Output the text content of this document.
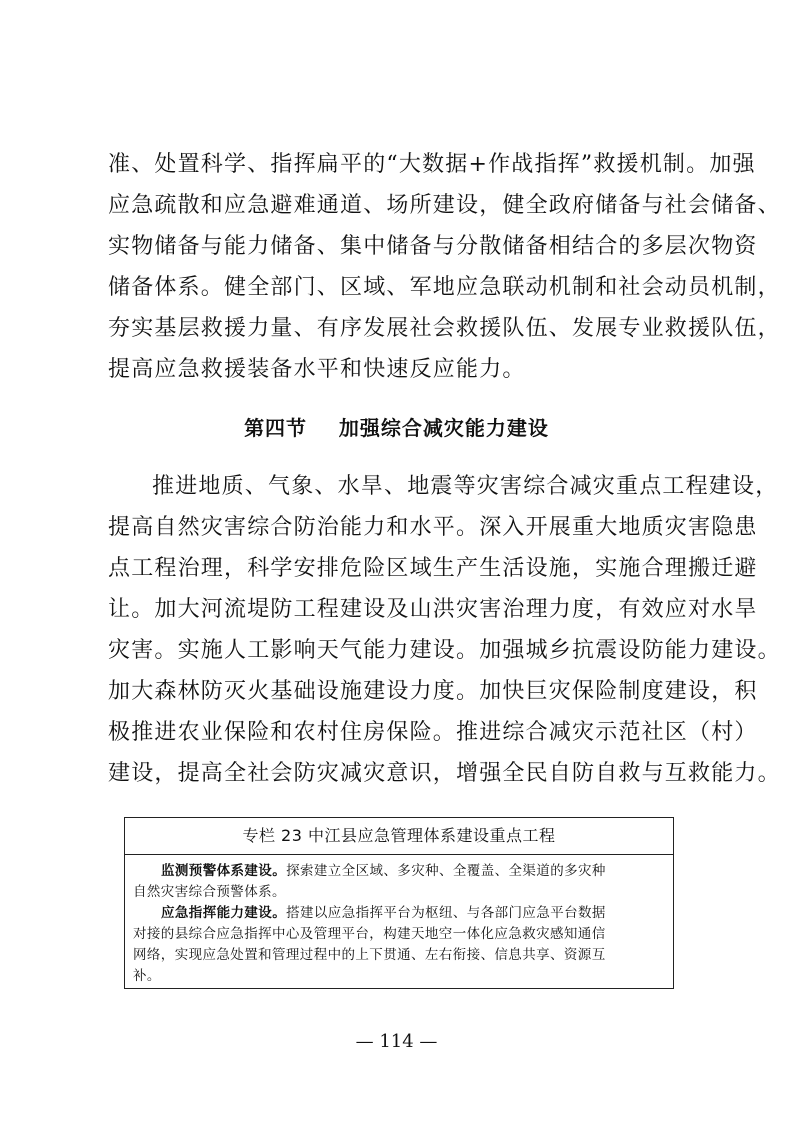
准、处置科学、指挥扁平的“大数据+作战指挥”救援机制。加强
应急疏散和应急避难通道、场所建设，健全政府储备与社会储备、
实物储备与能力储备、集中储备与分散储备相结合的多层次物资
储备体系。健全部门、区域、军地应急联动机制和社会动员机制，
夯实基层救援力量、有序发展社会救援队伍、发展专业救援队伍，
提高应急救援装备水平和快速反应能力。
第四节    加强综合减灾能力建设
推进地质、气象、水旱、地震等灾害综合减灾重点工程建设，
提高自然灾害综合防治能力和水平。深入开展重大地质灾害隐患
点工程治理，科学安排危险区域生产生活设施，实施合理搬迁避
让。加大河流堤防工程建设及山洪灾害治理力度，有效应对水旱
灾害。实施人工影响天气能力建设。加强城乡抗震设防能力建设。
加大森林防灭火基础设施建设力度。加快巨灾保险制度建设，积
极推进农业保险和农村住房保险。推进综合减灾示范社区（村）
建设，提高全社会防灾减灾意识，增强全民自防自救与互救能力。
专栏 23 中江县应急管理体系建设重点工程
监测预警体系建设。探索建立全区域、多灾种、全覆盖、全渠道的多灾种
自然灾害综合预警体系。
应急指挥能力建设。搭建以应急指挥平台为枢纽、与各部门应急平台数据
对接的县综合应急指挥中心及管理平台，构建天地空一体化应急救灾感知通信
网络，实现应急处置和管理过程中的上下贯通、左右衔接、信息共享、资源互
补。
— 114 —
